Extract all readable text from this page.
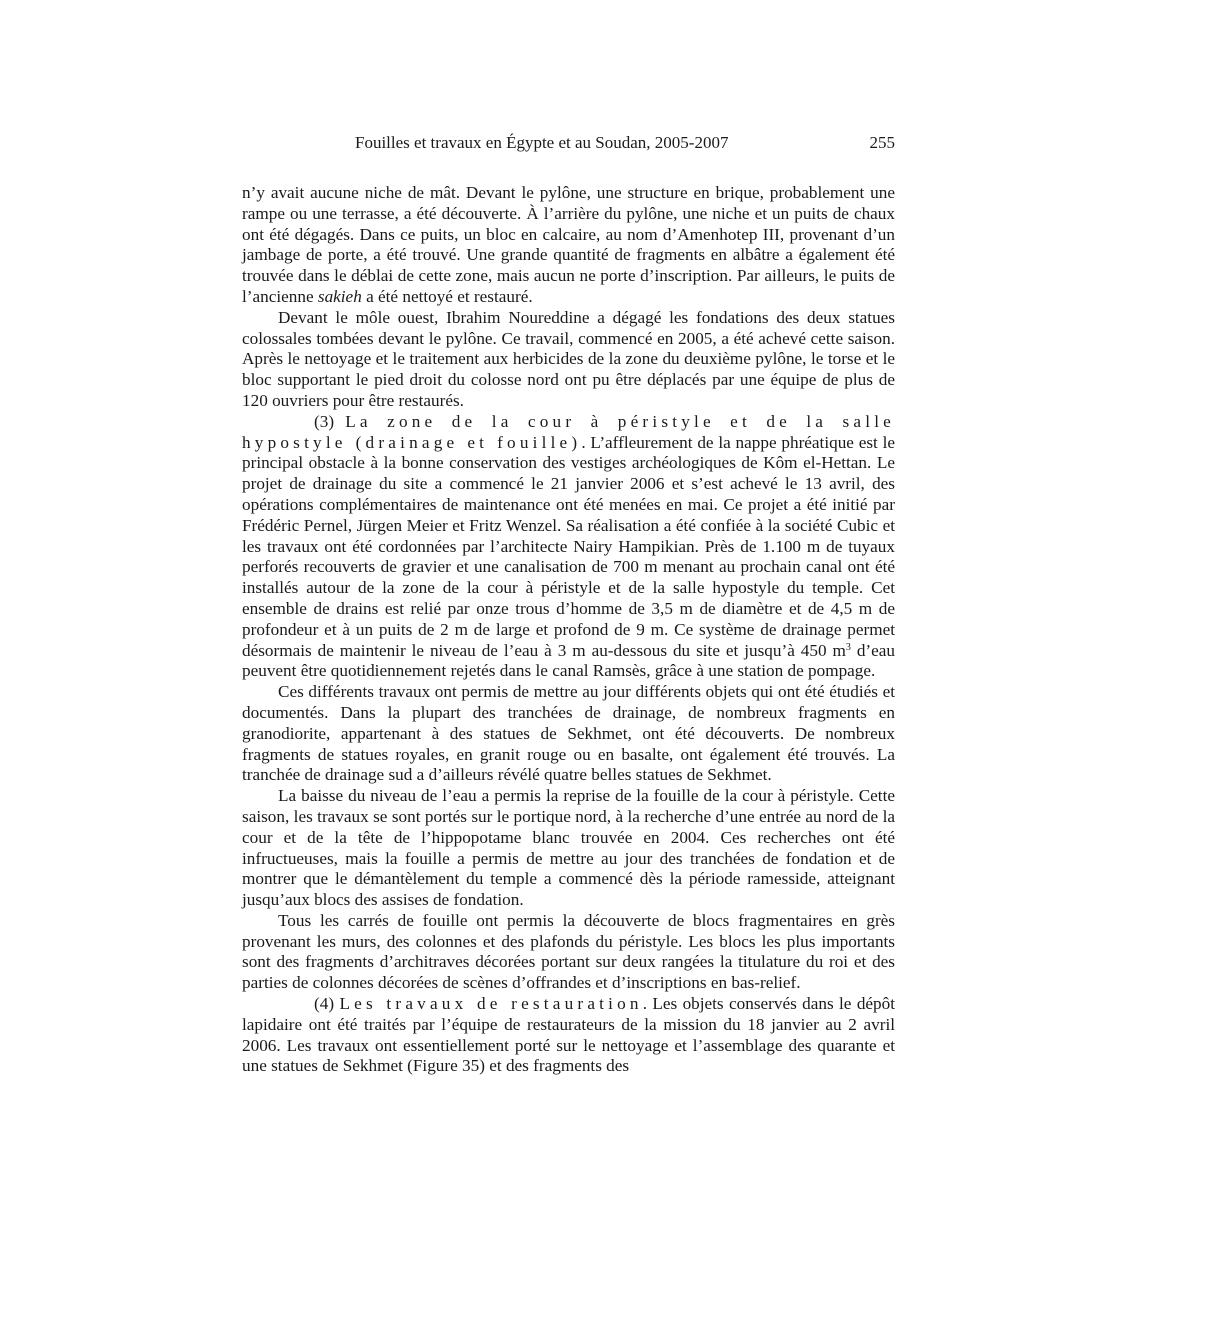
Fouilles et travaux en Égypte et au Soudan, 2005-2007	255

n’y avait aucune niche de mât. Devant le pylône, une structure en brique, probablement une rampe ou une terrasse, a été découverte. À l’arrière du pylône, une niche et un puits de chaux ont été dégagés. Dans ce puits, un bloc en calcaire, au nom d’Amenhotep III, provenant d’un jambage de porte, a été trouvé. Une grande quantité de fragments en albâtre a également été trouvée dans le déblai de cette zone, mais aucun ne porte d’inscription. Par ailleurs, le puits de l’ancienne sakieh a été nettoyé et restauré.

Devant le môle ouest, Ibrahim Noureddine a dégagé les fondations des deux statues colossales tombées devant le pylône. Ce travail, commencé en 2005, a été achevé cette saison. Après le nettoyage et le traitement aux herbicides de la zone du deuxième pylône, le torse et le bloc supportant le pied droit du colosse nord ont pu être déplacés par une équipe de plus de 120 ouvriers pour être restaurés.

(3) La zone de la cour à péristyle et de la salle hypostyle (drainage et fouille). L’affleurement de la nappe phréatique est le principal obstacle à la bonne conservation des vestiges archéologiques de Kôm el-Hettan. Le projet de drainage du site a commencé le 21 janvier 2006 et s’est achevé le 13 avril, des opérations complémentaires de maintenance ont été menées en mai. Ce projet a été initié par Frédéric Pernel, Jürgen Meier et Fritz Wenzel. Sa réalisation a été confiée à la société Cubic et les travaux ont été cordonnées par l’architecte Nairy Hampikian. Près de 1.100 m de tuyaux perforés recouverts de gravier et une canalisation de 700 m menant au prochain canal ont été installés autour de la zone de la cour à péristyle et de la salle hypostyle du temple. Cet ensemble de drains est relié par onze trous d’homme de 3,5 m de diamètre et de 4,5 m de profondeur et à un puits de 2 m de large et profond de 9 m. Ce système de drainage permet désormais de maintenir le niveau de l’eau à 3 m au-dessous du site et jusqu’à 450 $m^3$ d’eau peuvent être quotidiennement rejetés dans le canal Ramsès, grâce à une station de pompage.

Ces différents travaux ont permis de mettre au jour différents objets qui ont été étudiés et documentés. Dans la plupart des tranchées de drainage, de nombreux fragments en granodiorite, appartenant à des statues de Sekhmet, ont été découverts. De nombreux fragments de statues royales, en granit rouge ou en basalte, ont également été trouvés. La tranchée de drainage sud a d’ailleurs révélé quatre belles statues de Sekhmet.

La baisse du niveau de l’eau a permis la reprise de la fouille de la cour à péristyle. Cette saison, les travaux se sont portés sur le portique nord, à la recherche d’une entrée au nord de la cour et de la tête de l’hippopotame blanc trouvée en 2004. Ces recherches ont été infructueuses, mais la fouille a permis de mettre au jour des tranchées de fondation et de montrer que le démantèlement du temple a commencé dès la période ramesside, atteignant jusqu’aux blocs des assises de fondation.

Tous les carrés de fouille ont permis la découverte de blocs fragmentaires en grès provenant les murs, des colonnes et des plafonds du péristyle. Les blocs les plus importants sont des fragments d’architraves décorées portant sur deux rangées la titulature du roi et des parties de colonnes décorées de scènes d’offrandes et d’inscriptions en bas-relief.

(4) Les travaux de restauration. Les objets conservés dans le dépôt lapidaire ont été traités par l’équipe de restaurateurs de la mission du 18 janvier au 2 avril 2006. Les travaux ont essentiellement porté sur le nettoyage et l’assemblage des quarante et une statues de Sekhmet (Figure 35) et des fragments des
